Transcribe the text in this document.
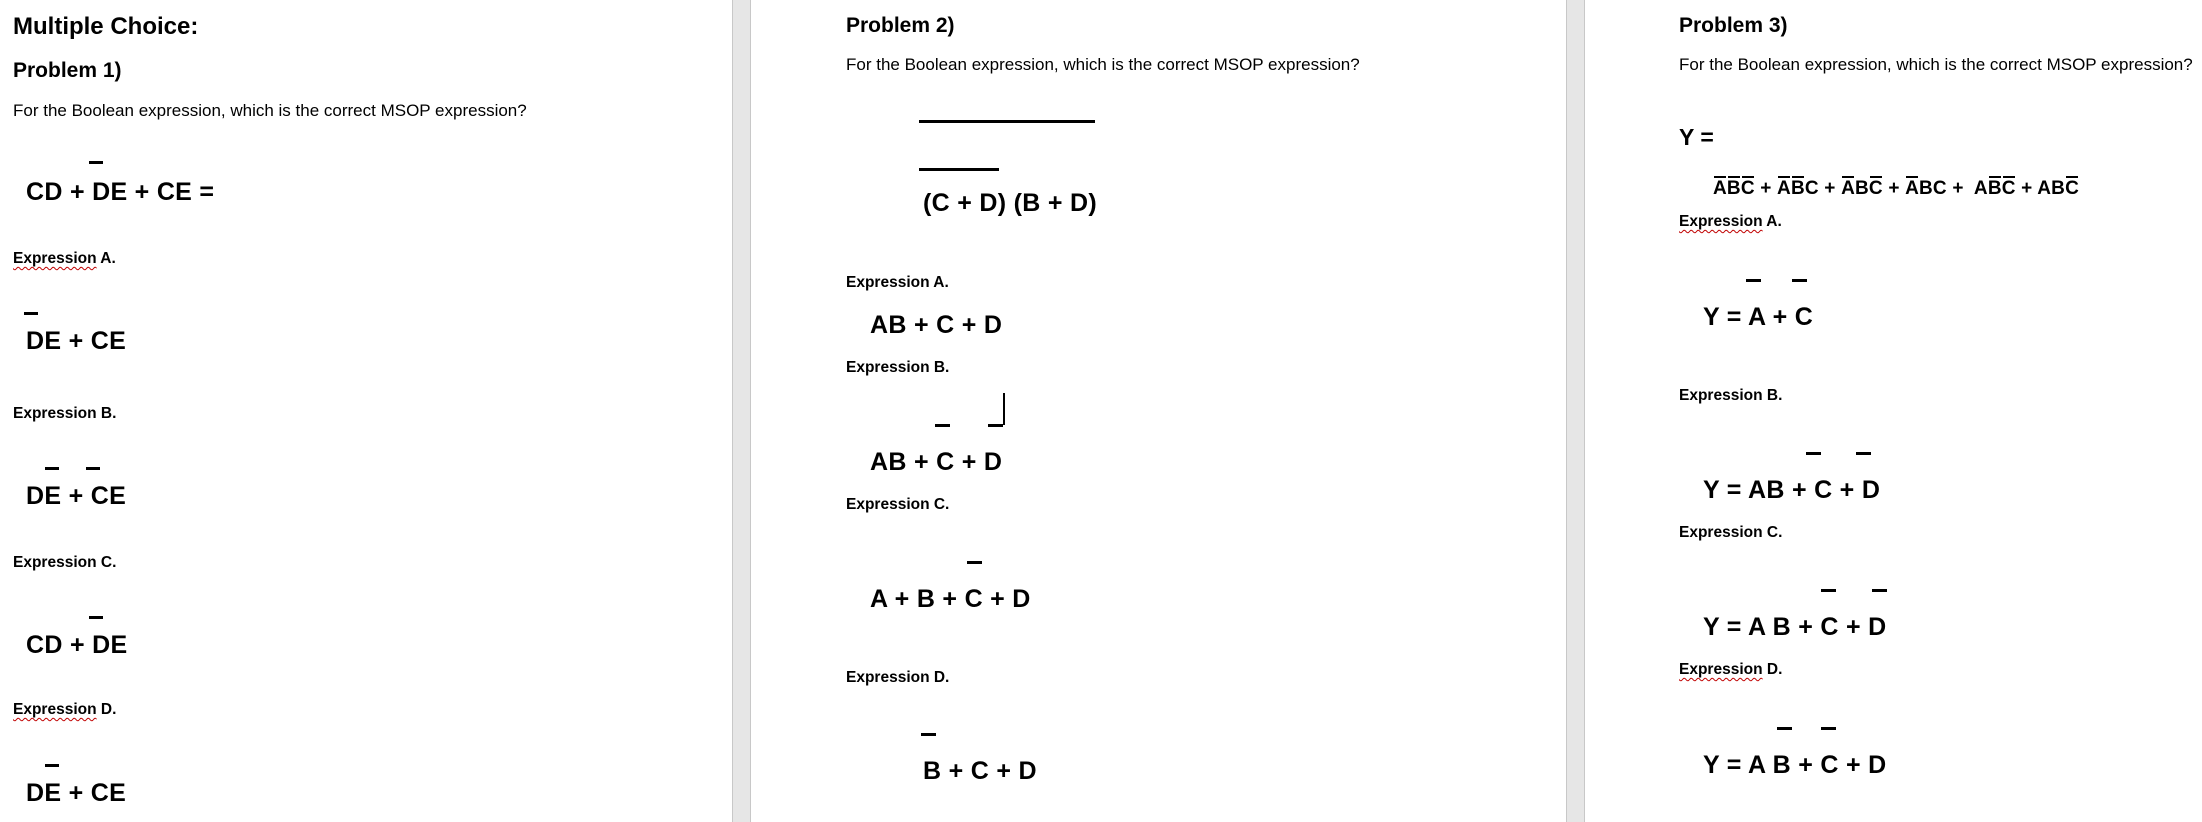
Multiple Choice:
Problem 1)
For the Boolean expression, which is the correct MSOP expression?
CD + DE + CE =
Expression A.
DE + CE
Expression B.
DE + CE
Expression C.
CD + DE
Expression D.
DE + CE
Problem 2)
For the Boolean expression, which is the correct MSOP expression?
(C + D) (B + D)
Expression A.
AB + C + D
Expression B.
AB + C + D
Expression C.
A + B + C + D
Expression D.
B + C + D
Problem 3)
For the Boolean expression, which is the correct MSOP expression?
Y =
ABC + ABC + ABC + ABC +  ABC + ABC
Expression A.
Y = A + C
Expression B.
Y = AB + C + D
Expression C.
Y = A B + C + D
Expression D.
Y = A B + C + D
